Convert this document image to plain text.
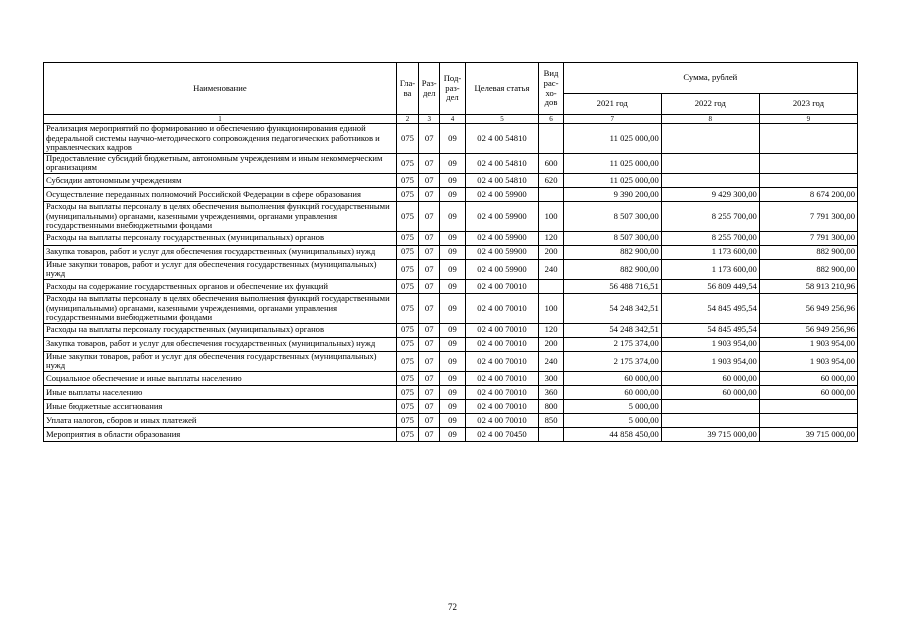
Наименование	Гла-ва	Раз-дел	Под-раз-дел	Целевая статья	Вид рас-хо-дов	Сумма, рублей		
						2021 год	2022 год	2023 год
1	2	3	4	5	6	7	8	9
Реализация мероприятий по формированию и обеспечению функционирования единой федеральной системы научно-методического сопровождения педагогических работников и управленческих кадров	075	07	09	02 4 00 54810		11 025 000,00		
Предоставление субсидий бюджетным, автономным учреждениям и иным некоммерческим организациям	075	07	09	02 4 00 54810	600	11 025 000,00		
Субсидии автономным учреждениям	075	07	09	02 4 00 54810	620	11 025 000,00		
Осуществление переданных полномочий Российской Федерации в сфере образования	075	07	09	02 4 00 59900		9 390 200,00	9 429 300,00	8 674 200,00
Расходы на выплаты персоналу в целях обеспечения выполнения функций государственными (муниципальными) органами, казенными учреждениями, органами управления государственными внебюджетными фондами	075	07	09	02 4 00 59900	100	8 507 300,00	8 255 700,00	7 791 300,00
Расходы на выплаты персоналу государственных (муниципальных) органов	075	07	09	02 4 00 59900	120	8 507 300,00	8 255 700,00	7 791 300,00
Закупка товаров, работ и услуг для обеспечения государственных (муниципальных) нужд	075	07	09	02 4 00 59900	200	882 900,00	1 173 600,00	882 900,00
Иные закупки товаров, работ и услуг для обеспечения государственных (муниципальных) нужд	075	07	09	02 4 00 59900	240	882 900,00	1 173 600,00	882 900,00
Расходы на содержание государственных органов и обеспечение их функций	075	07	09	02 4 00 70010		56 488 716,51	56 809 449,54	58 913 210,96
Расходы на выплаты персоналу в целях обеспечения выполнения функций государственными (муниципальными) органами, казенными учреждениями, органами управления государственными внебюджетными фондами	075	07	09	02 4 00 70010	100	54 248 342,51	54 845 495,54	56 949 256,96
Расходы на выплаты персоналу государственных (муниципальных) органов	075	07	09	02 4 00 70010	120	54 248 342,51	54 845 495,54	56 949 256,96
Закупка товаров, работ и услуг для обеспечения государственных (муниципальных) нужд	075	07	09	02 4 00 70010	200	2 175 374,00	1 903 954,00	1 903 954,00
Иные закупки товаров, работ и услуг для обеспечения государственных (муниципальных) нужд	075	07	09	02 4 00 70010	240	2 175 374,00	1 903 954,00	1 903 954,00
Социальное обеспечение и иные выплаты населению	075	07	09	02 4 00 70010	300	60 000,00	60 000,00	60 000,00
Иные выплаты населению	075	07	09	02 4 00 70010	360	60 000,00	60 000,00	60 000,00
Иные бюджетные ассигнования	075	07	09	02 4 00 70010	800	5 000,00		
Уплата налогов, сборов и иных платежей	075	07	09	02 4 00 70010	850	5 000,00		
Мероприятия в области образования	075	07	09	02 4 00 70450		44 858 450,00	39 715 000,00	39 715 000,00
72
